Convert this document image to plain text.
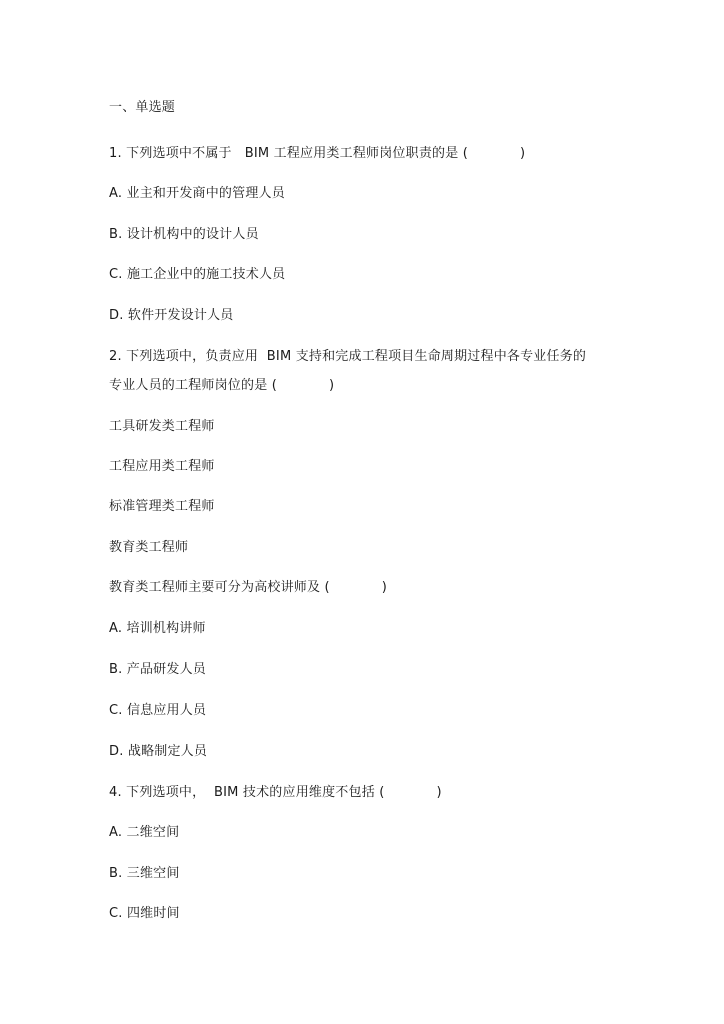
一、单选题
1. 下列选项中不属于   BIM 工程应用类工程师岗位职责的是 (            )
A. 业主和开发商中的管理人员
B. 设计机构中的设计人员
C. 施工企业中的施工技术人员
D. 软件开发设计人员
2. 下列选项中，负责应用  BIM 支持和完成工程项目生命周期过程中各专业任务的
专业人员的工程师岗位的是 (            )
工具研发类工程师
工程应用类工程师
标准管理类工程师
教育类工程师
教育类工程师主要可分为高校讲师及 (            )
A. 培训机构讲师
B. 产品研发人员
C. 信息应用人员
D. 战略制定人员
4. 下列选项中，  BIM 技术的应用维度不包括 (            )
A. 二维空间
B. 三维空间
C. 四维时间
